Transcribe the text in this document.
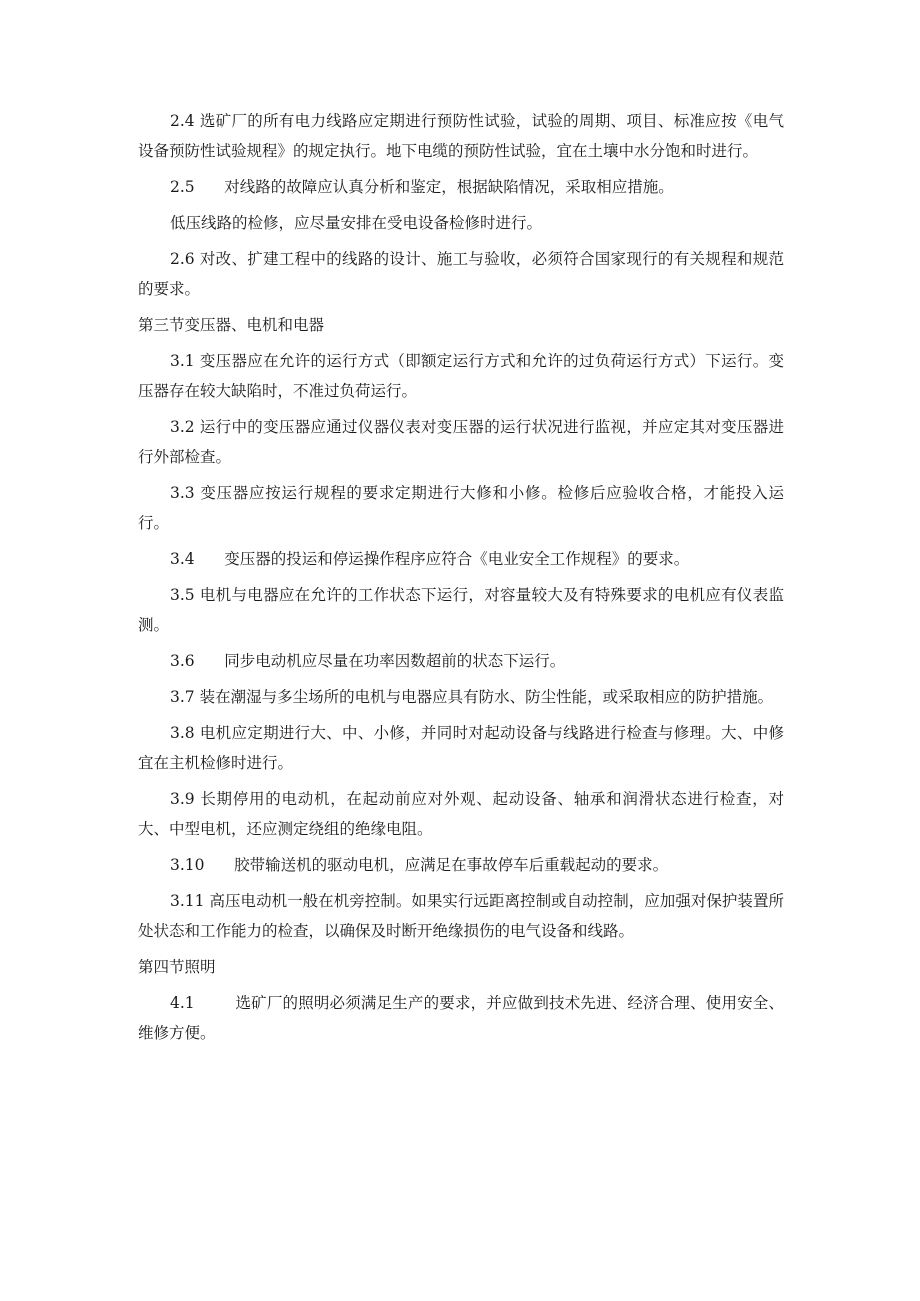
2.4 选矿厂的所有电力线路应定期进行预防性试验，试验的周期、项目、标准应按《电气设备预防性试验规程》的规定执行。地下电缆的预防性试验，宜在土壤中水分饱和时进行。

2.5 对线路的故障应认真分析和鉴定，根据缺陷情况，采取相应措施。

低压线路的检修，应尽量安排在受电设备检修时进行。

2.6 对改、扩建工程中的线路的设计、施工与验收，必须符合国家现行的有关规程和规范的要求。

第三节变压器、电机和电器

3.1 变压器应在允许的运行方式（即额定运行方式和允许的过负荷运行方式）下运行。变压器存在较大缺陷时，不准过负荷运行。

3.2 运行中的变压器应通过仪器仪表对变压器的运行状况进行监视，并应定其对变压器进行外部检查。

3.3 变压器应按运行规程的要求定期进行大修和小修。检修后应验收合格，才能投入运行。

3.4 变压器的投运和停运操作程序应符合《电业安全工作规程》的要求。

3.5 电机与电器应在允许的工作状态下运行，对容量较大及有特殊要求的电机应有仪表监测。

3.6 同步电动机应尽量在功率因数超前的状态下运行。

3.7 装在潮湿与多尘场所的电机与电器应具有防水、防尘性能，或采取相应的防护措施。

3.8 电机应定期进行大、中、小修，并同时对起动设备与线路进行检查与修理。大、中修宜在主机检修时进行。

3.9 长期停用的电动机，在起动前应对外观、起动设备、轴承和润滑状态进行检查，对大、中型电机，还应测定绕组的绝缘电阻。

3.10 胶带输送机的驱动电机，应满足在事故停车后重载起动的要求。

3.11 高压电动机一般在机旁控制。如果实行远距离控制或自动控制，应加强对保护装置所处状态和工作能力的检查，以确保及时断开绝缘损伤的电气设备和线路。

第四节照明

4.1	选矿厂的照明必须满足生产的要求，并应做到技术先进、经济合理、使用安全、维修方便。
